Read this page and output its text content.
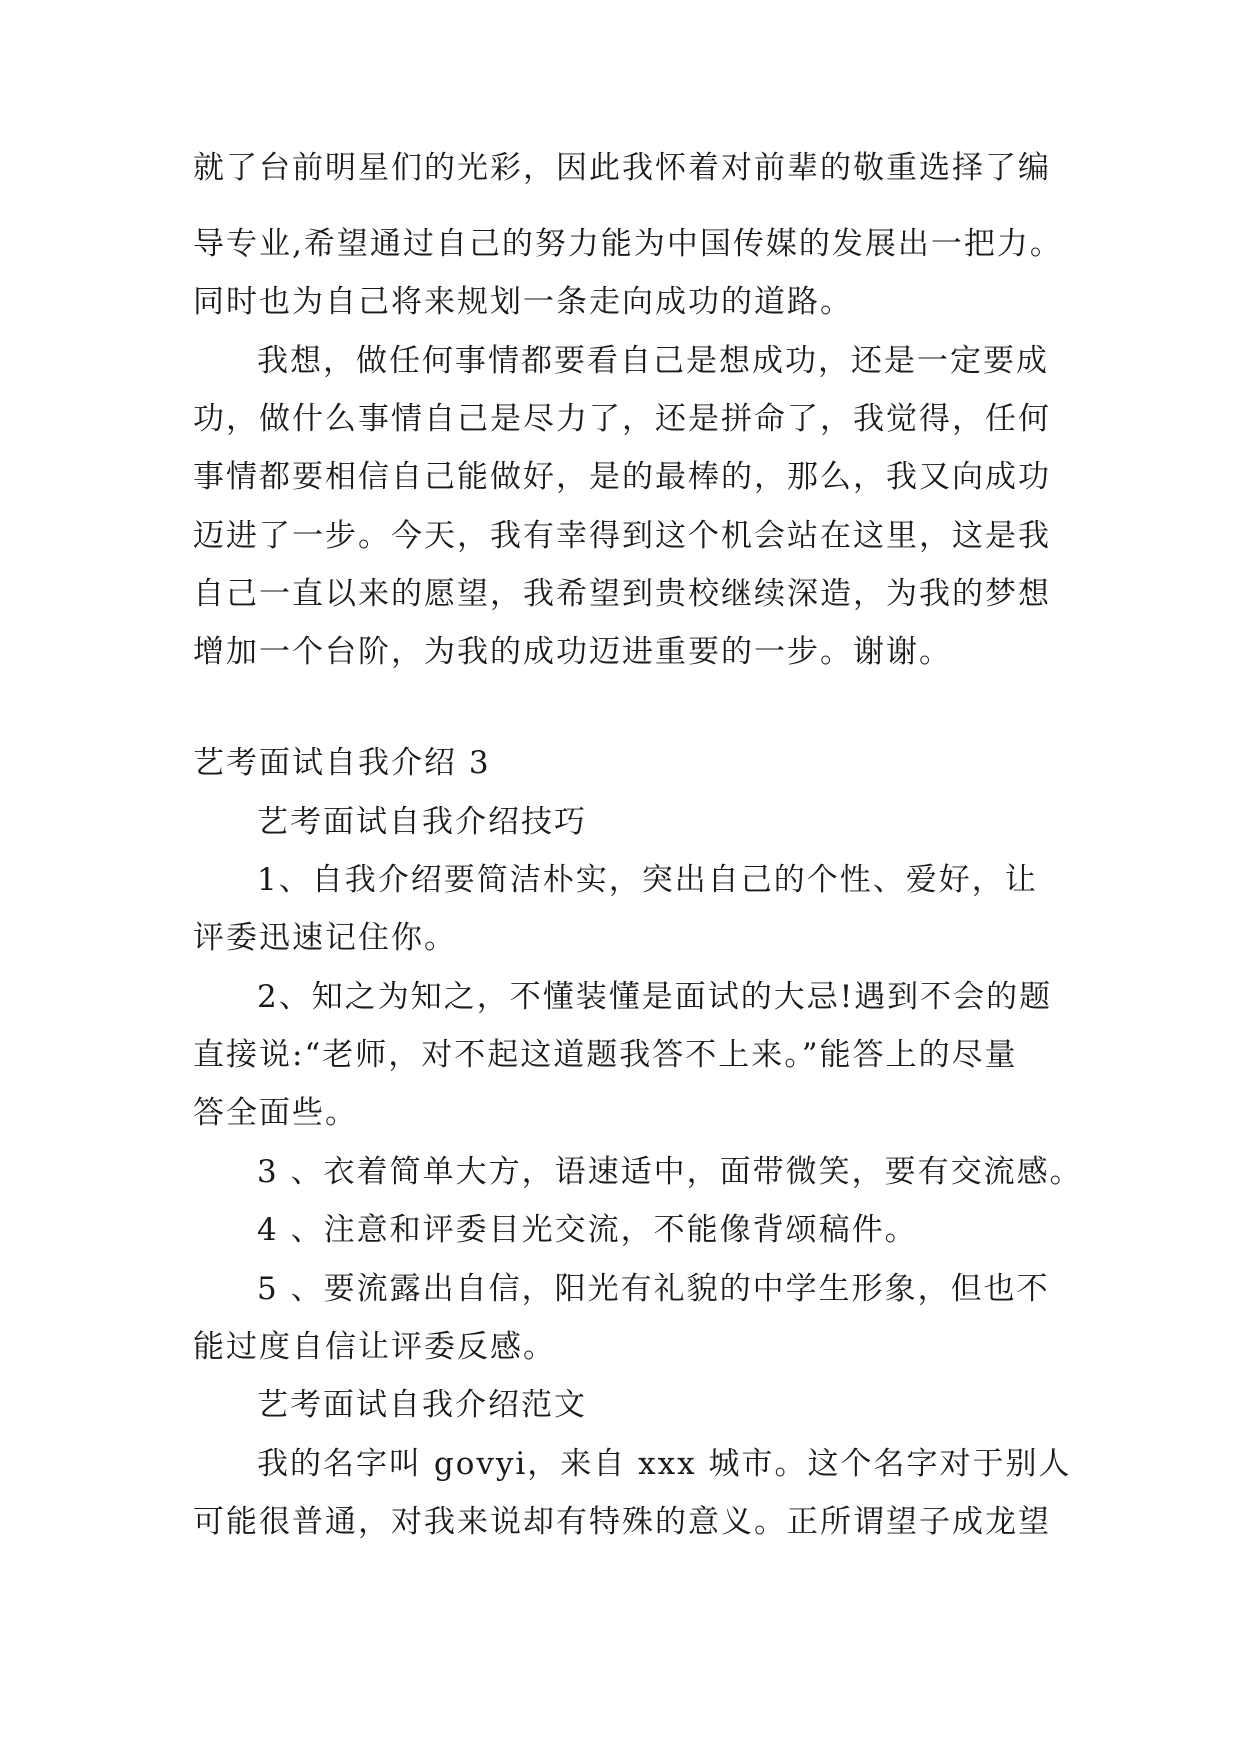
就了台前明星们的光彩，因此我怀着对前辈的敬重选择了编
导专业,希望通过自己的努力能为中国传媒的发展出一把力。
同时也为自己将来规划一条走向成功的道路。
我想，做任何事情都要看自己是想成功，还是一定要成
功，做什么事情自己是尽力了，还是拼命了，我觉得，任何
事情都要相信自己能做好，是的最棒的，那么，我又向成功
迈进了一步。今天，我有幸得到这个机会站在这里，这是我
自己一直以来的愿望，我希望到贵校继续深造，为我的梦想
增加一个台阶，为我的成功迈进重要的一步。谢谢。
艺考面试自我介绍 3
艺考面试自我介绍技巧
1、自我介绍要简洁朴实，突出自己的个性、爱好，让
评委迅速记住你。
2、知之为知之，不懂装懂是面试的大忌!遇到不会的题
直接说:“老师，对不起这道题我答不上来。”能答上的尽量
答全面些。
3 、衣着简单大方，语速适中，面带微笑，要有交流感。
4 、注意和评委目光交流，不能像背颂稿件。
5 、要流露出自信，阳光有礼貌的中学生形象，但也不
能过度自信让评委反感。
艺考面试自我介绍范文
我的名字叫 govyi，来自 xxx 城市。这个名字对于别人
可能很普通，对我来说却有特殊的意义。正所谓望子成龙望
